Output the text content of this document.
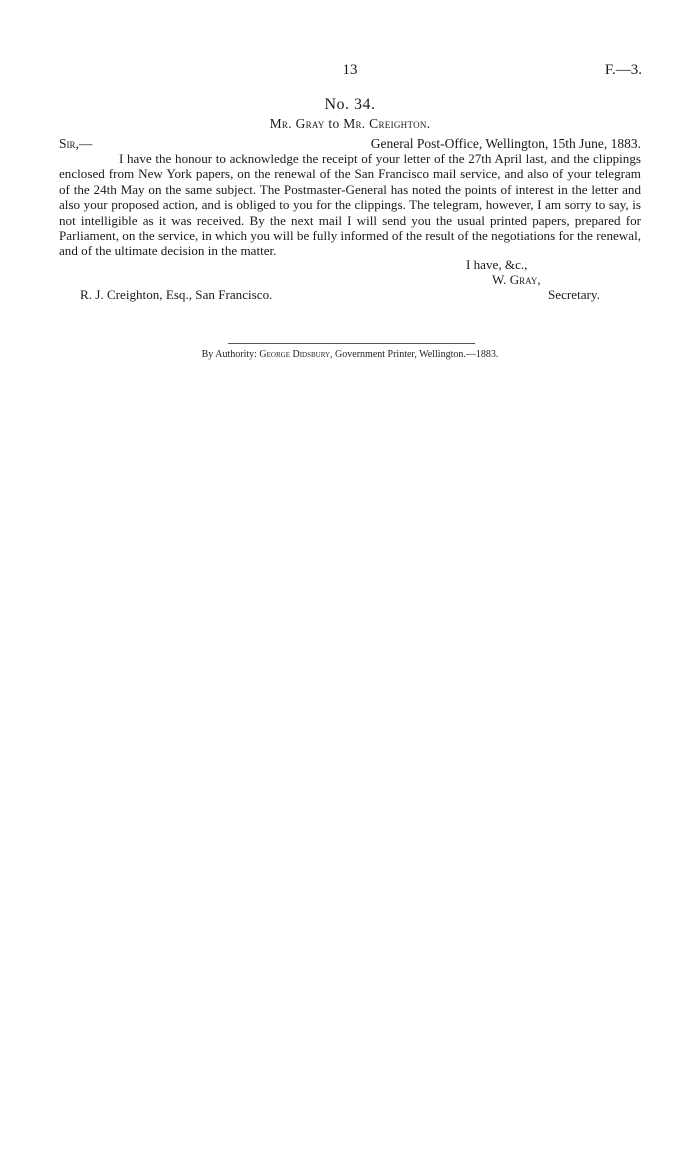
13	F.—3.
No. 34.
Mr. Gray to Mr. Creighton.
Sir,—	General Post-Office, Wellington, 15th June, 1883.

I have the honour to acknowledge the receipt of your letter of the 27th April last, and the clippings enclosed from New York papers, on the renewal of the San Francisco mail service, and also of your telegram of the 24th May on the same subject. The Postmaster-General has noted the points of interest in the letter and also your proposed action, and is obliged to you for the clippings. The telegram, however, I am sorry to say, is not intelligible as it was received. By the next mail I will send you the usual printed papers, prepared for Parliament, on the service, in which you will be fully informed of the result of the negotiations for the renewal, and of the ultimate decision in the matter.

I have, &c.,
W. Gray,
Secretary.
R. J. Creighton, Esq., San Francisco.
By Authority: George Didsbury, Government Printer, Wellington.—1883.
